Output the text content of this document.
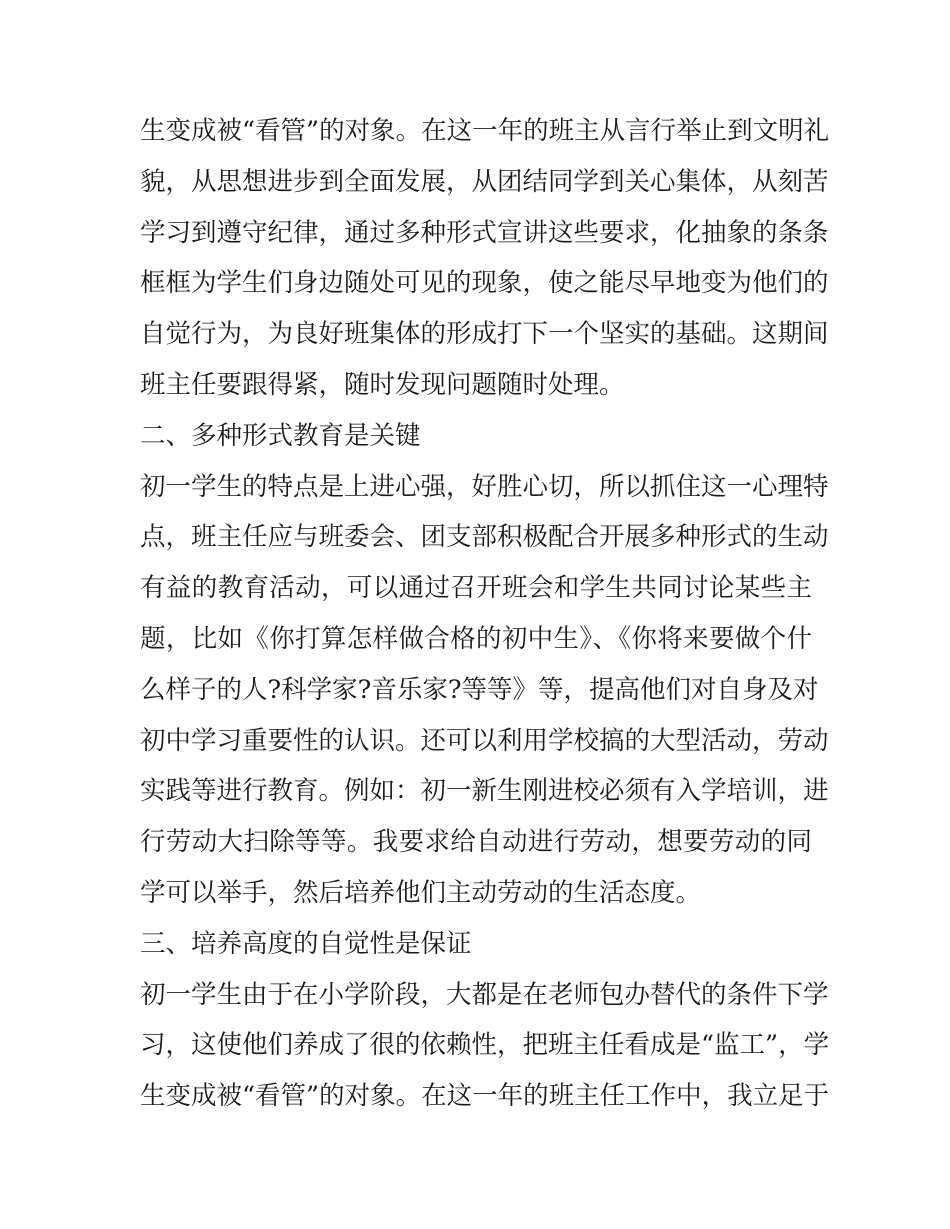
生变成被“看管”的对象。在这一年的班主从言行举止到文明礼
貌，从思想进步到全面发展，从团结同学到关心集体，从刻苦
学习到遵守纪律，通过多种形式宣讲这些要求，化抽象的条条
框框为学生们身边随处可见的现象，使之能尽早地变为他们的
自觉行为，为良好班集体的形成打下一个坚实的基础。这期间
班主任要跟得紧，随时发现问题随时处理。
二、多种形式教育是关键
初一学生的特点是上进心强，好胜心切，所以抓住这一心理特
点，班主任应与班委会、团支部积极配合开展多种形式的生动
有益的教育活动，可以通过召开班会和学生共同讨论某些主
题，比如《你打算怎样做合格的初中生》、《你将来要做个什
么样子的人?科学家?音乐家?等等》等，提高他们对自身及对
初中学习重要性的认识。还可以利用学校搞的大型活动，劳动
实践等进行教育。例如：初一新生刚进校必须有入学培训，进
行劳动大扫除等等。我要求给自动进行劳动，想要劳动的同
学可以举手，然后培养他们主动劳动的生活态度。
三、培养高度的自觉性是保证
初一学生由于在小学阶段，大都是在老师包办替代的条件下学
习，这使他们养成了很的依赖性，把班主任看成是“监工”，学
生变成被“看管”的对象。在这一年的班主任工作中，我立足于
